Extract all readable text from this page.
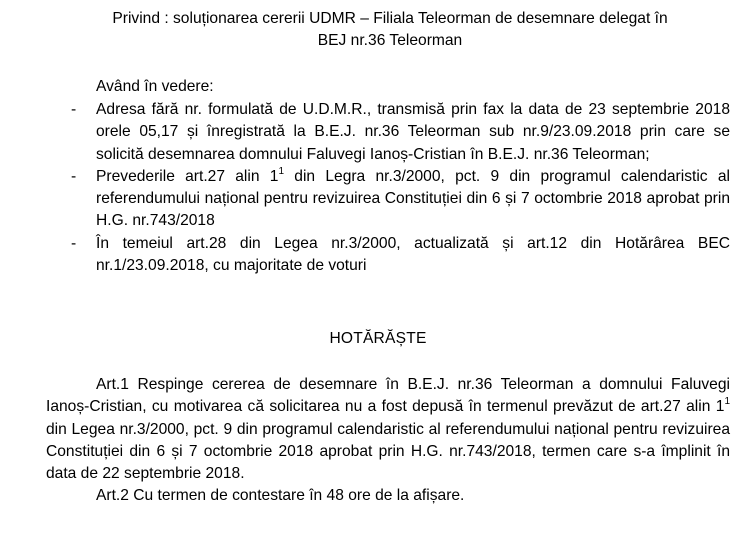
Privind : soluționarea cererii UDMR – Filiala Teleorman de desemnare delegat în
BEJ nr.36 Teleorman
Având în vedere:
- Adresa fără nr. formulată de U.D.M.R., transmisă prin fax la data de 23 septembrie 2018 orele 05,17 și înregistrată la B.E.J. nr.36 Teleorman sub nr.9/23.09.2018 prin care se solicită desemnarea domnului Faluvegi Ianoș-Cristian în B.E.J. nr.36 Teleorman;
- Prevederile art.27 alin $1^1$ din Legra nr.3/2000, pct. 9 din programul calendaristic al referendumului național pentru revizuirea Constituției din 6 și 7 octombrie 2018 aprobat prin H.G. nr.743/2018
- În temeiul art.28 din Legea nr.3/2000, actualizată și art.12 din Hotărârea BEC nr.1/23.09.2018, cu majoritate de voturi
HOTĂRĂȘTE

Art.1 Respinge cererea de desemnare în B.E.J. nr.36 Teleorman a domnului Faluvegi Ianoș-Cristian, cu motivarea că solicitarea nu a fost depusă în termenul prevăzut de art.27 alin $1^1$ din Legea nr.3/2000, pct. 9 din programul calendaristic al referendumului național pentru revizuirea Constituției din 6 și 7 octombrie 2018 aprobat prin H.G. nr.743/2018, termen care s-a împlinit în data de 22 septembrie 2018.

Art.2 Cu termen de contestare în 48 ore de la afișare.
